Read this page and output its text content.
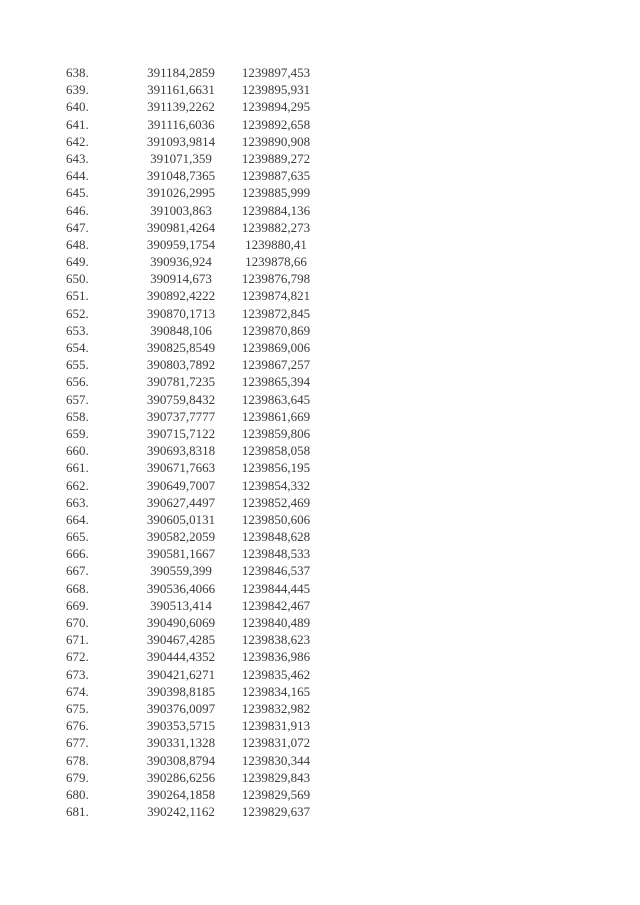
638.	391184,2859	1239897,453
639.	391161,6631	1239895,931
640.	391139,2262	1239894,295
641.	391116,6036	1239892,658
642.	391093,9814	1239890,908
643.	391071,359	1239889,272
644.	391048,7365	1239887,635
645.	391026,2995	1239885,999
646.	391003,863	1239884,136
647.	390981,4264	1239882,273
648.	390959,1754	1239880,41
649.	390936,924	1239878,66
650.	390914,673	1239876,798
651.	390892,4222	1239874,821
652.	390870,1713	1239872,845
653.	390848,106	1239870,869
654.	390825,8549	1239869,006
655.	390803,7892	1239867,257
656.	390781,7235	1239865,394
657.	390759,8432	1239863,645
658.	390737,7777	1239861,669
659.	390715,7122	1239859,806
660.	390693,8318	1239858,058
661.	390671,7663	1239856,195
662.	390649,7007	1239854,332
663.	390627,4497	1239852,469
664.	390605,0131	1239850,606
665.	390582,2059	1239848,628
666.	390581,1667	1239848,533
667.	390559,399	1239846,537
668.	390536,4066	1239844,445
669.	390513,414	1239842,467
670.	390490,6069	1239840,489
671.	390467,4285	1239838,623
672.	390444,4352	1239836,986
673.	390421,6271	1239835,462
674.	390398,8185	1239834,165
675.	390376,0097	1239832,982
676.	390353,5715	1239831,913
677.	390331,1328	1239831,072
678.	390308,8794	1239830,344
679.	390286,6256	1239829,843
680.	390264,1858	1239829,569
681.	390242,1162	1239829,637
